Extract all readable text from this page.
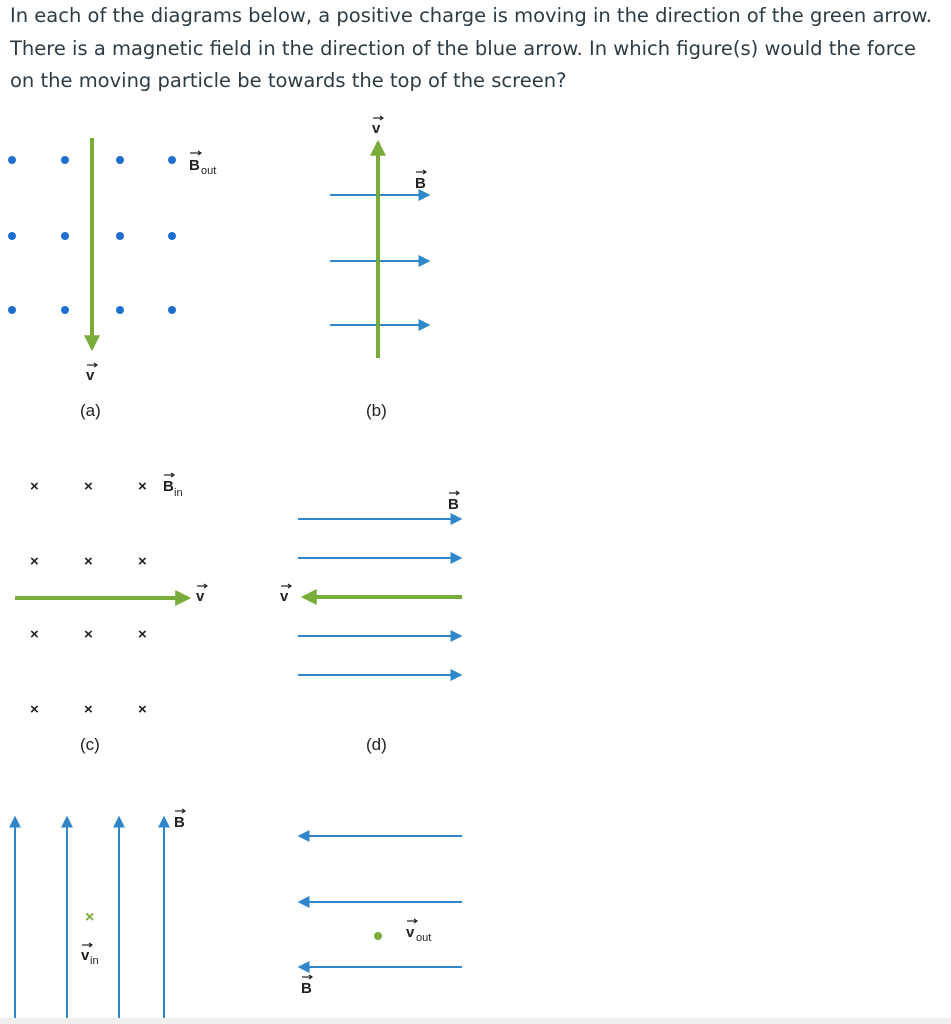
In each of the diagrams below, a positive charge is moving in the direction of the green arrow. There is a magnetic field in the direction of the blue arrow. In which figure(s) would the force on the moving particle be towards the top of the screen?
B out
v
(a)
v
B
(b)
×	×	×
×	×	×
×	×	×
×	×	×
B in
v
(c)
B
v
(d)
B
×
v in
v out
B
